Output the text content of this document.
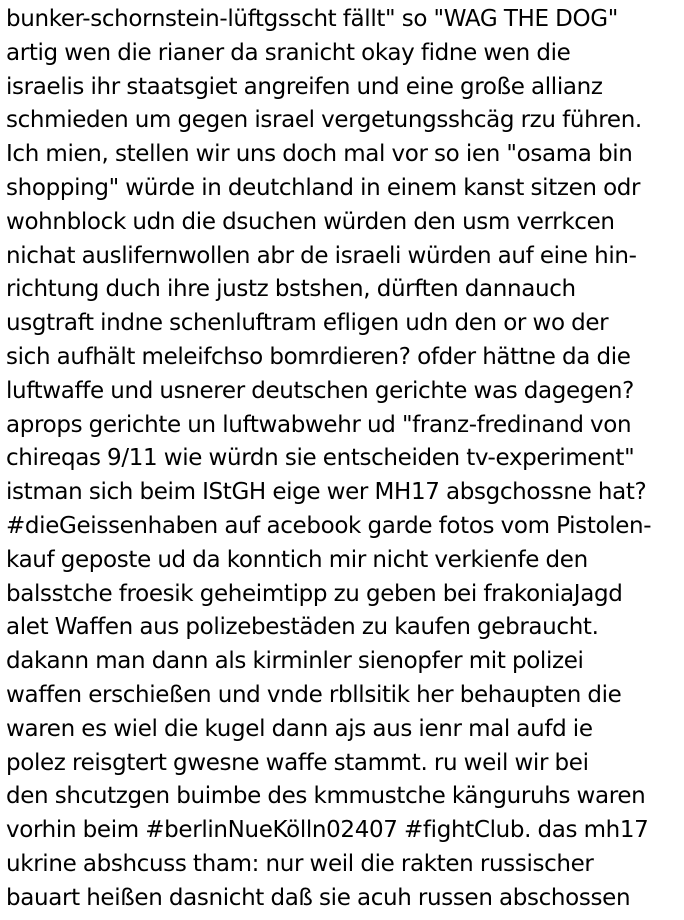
bunker-schornstein-lüftgsscht fällt" so "WAG THE DOG"
artig wen die rianer da sranicht okay fidne wen die
israelis ihr staatsgiet angreifen und eine große allianz
schmieden um gegen israel vergetungsshcäg rzu führen.
Ich mien, stellen wir uns doch mal vor so ien "osama bin
shopping" würde in deutchland in einem kanst sitzen odr
wohnblock udn die dsuchen würden den usm verrkcen
nichat auslifernwollen abr de israeli würden auf eine hin-
richtung duch ihre justz bstshen, dürften dannauch
usgtraft indne schenluftram efligen udn den or wo der
sich aufhält meleifchso bomrdieren? ofder hättne da die
luftwaffe und usnerer deutschen gerichte was dagegen?
aprops gerichte un luftwabwehr ud "franz-fredinand von
chireqas 9/11 wie würdn sie entscheiden tv-experiment"
istman sich beim IStGH eige wer MH17 absgchossne hat?
#dieGeissenhaben auf acebook garde fotos vom Pistolen-
kauf geposte ud da konntich mir nicht verkienfe den
balsstche froesik geheimtipp zu geben bei frakoniaJagd
alet Waffen aus polizebestäden zu kaufen gebraucht.
dakann man dann als kirminler sienopfer mit polizei
waffen erschießen und vnde rbllsitik her behaupten die
waren es wiel die kugel dann ajs aus ienr mal aufd ie
polez reisgtert gwesne waffe stammt. ru weil wir bei
den shcutzgen buimbe des kmmustche känguruhs waren
vorhin beim #berlinNueKölln02407 #fightClub. das mh17
ukrine abshcuss tham: nur weil die rakten russischer
bauart heißen dasnicht daß sie acuh russen abschossen
